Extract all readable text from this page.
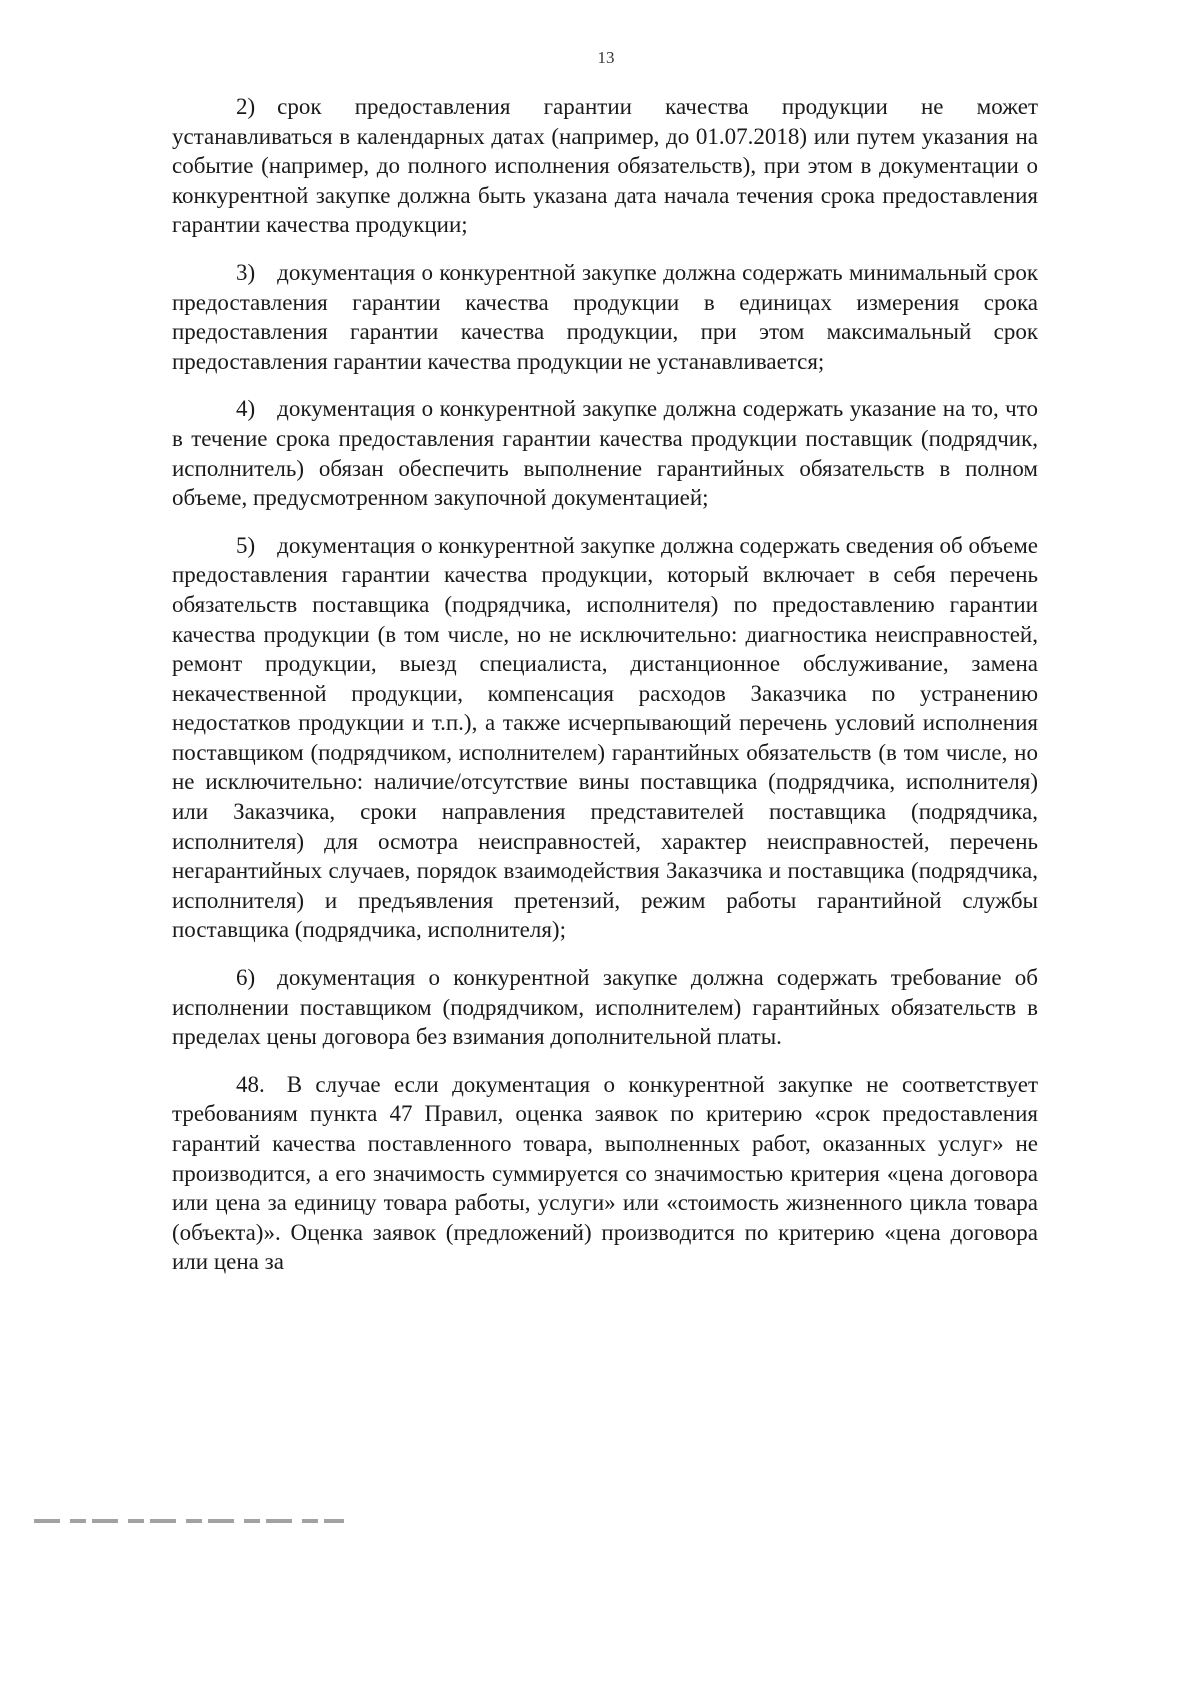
13

2) срок предоставления гарантии качества продукции не может устанавливаться в календарных датах (например, до 01.07.2018) или путем указания на событие (например, до полного исполнения обязательств), при этом в документации о конкурентной закупке должна быть указана дата начала течения срока предоставления гарантии качества продукции;

3) документация о конкурентной закупке должна содержать минимальный срок предоставления гарантии качества продукции в единицах измерения срока предоставления гарантии качества продукции, при этом максимальный срок предоставления гарантии качества продукции не устанавливается;

4) документация о конкурентной закупке должна содержать указание на то, что в течение срока предоставления гарантии качества продукции поставщик (подрядчик, исполнитель) обязан обеспечить выполнение гарантийных обязательств в полном объеме, предусмотренном закупочной документацией;

5) документация о конкурентной закупке должна содержать сведения об объеме предоставления гарантии качества продукции, который включает в себя перечень обязательств поставщика (подрядчика, исполнителя) по предоставлению гарантии качества продукции (в том числе, но не исключительно: диагностика неисправностей, ремонт продукции, выезд специалиста, дистанционное обслуживание, замена некачественной продукции, компенсация расходов Заказчика по устранению недостатков продукции и т.п.), а также исчерпывающий перечень условий исполнения поставщиком (подрядчиком, исполнителем) гарантийных обязательств (в том числе, но не исключительно: наличие/отсутствие вины поставщика (подрядчика, исполнителя) или Заказчика, сроки направления представителей поставщика (подрядчика, исполнителя) для осмотра неисправностей, характер неисправностей, перечень негарантийных случаев, порядок взаимодействия Заказчика и поставщика (подрядчика, исполнителя) и предъявления претензий, режим работы гарантийной службы поставщика (подрядчика, исполнителя);

6) документация о конкурентной закупке должна содержать требование об исполнении поставщиком (подрядчиком, исполнителем) гарантийных обязательств в пределах цены договора без взимания дополнительной платы.

48. В случае если документация о конкурентной закупке не соответствует требованиям пункта 47 Правил, оценка заявок по критерию «срок предоставления гарантий качества поставленного товара, выполненных работ, оказанных услуг» не производится, а его значимость суммируется со значимостью критерия «цена договора или цена за единицу товара работы, услуги» или «стоимость жизненного цикла товара (объекта)». Оценка заявок (предложений) производится по критерию «цена договора или цена за
